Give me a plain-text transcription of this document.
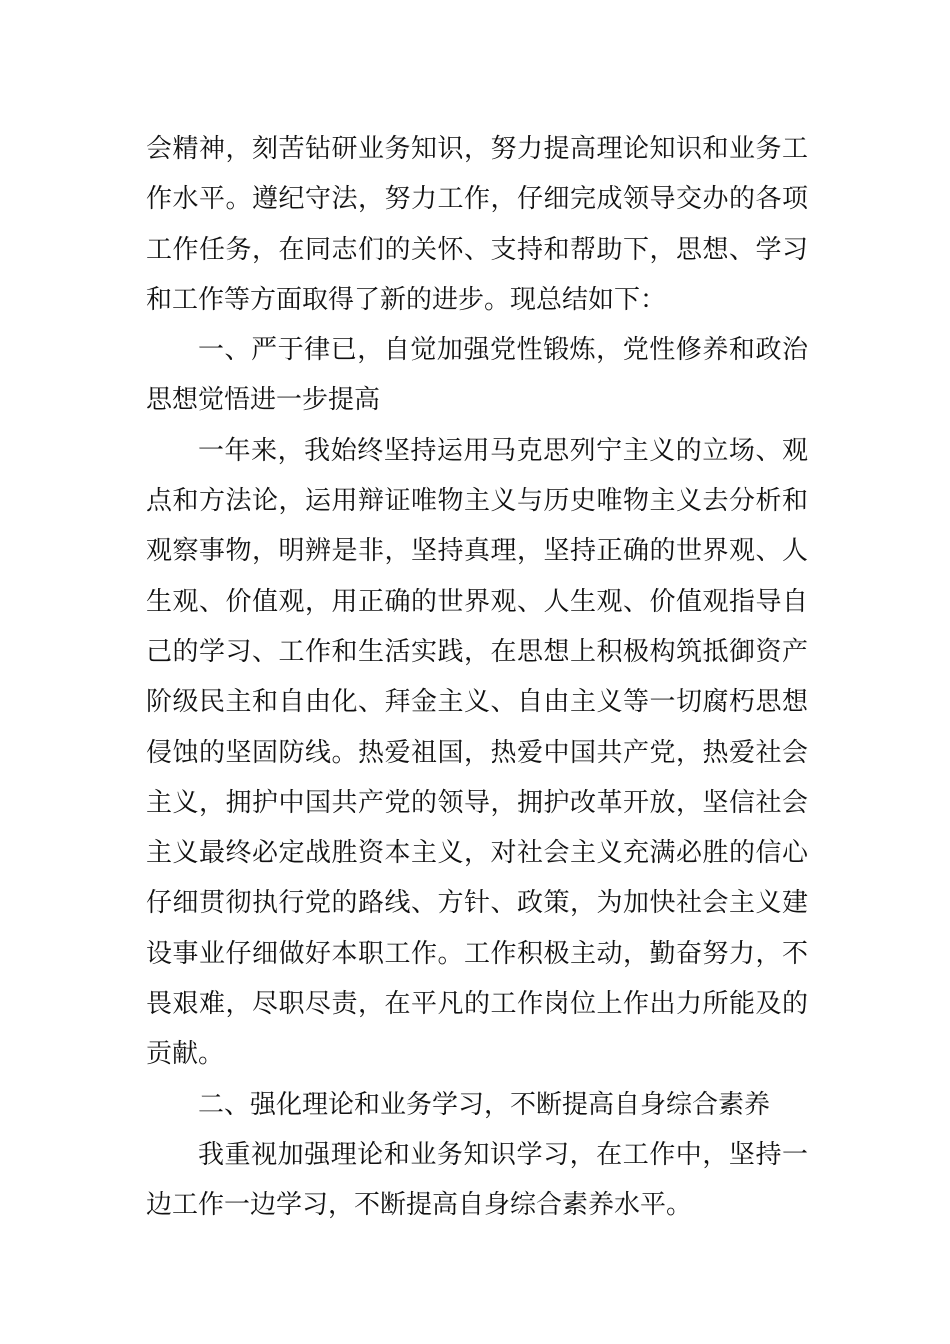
会精神，刻苦钻研业务知识，努力提高理论知识和业务工
作水平。遵纪守法，努力工作，仔细完成领导交办的各项
工作任务，在同志们的关怀、支持和帮助下，思想、学习
和工作等方面取得了新的进步。现总结如下：
一、严于律已，自觉加强党性锻炼，党性修养和政治
思想觉悟进一步提高
一年来，我始终坚持运用马克思列宁主义的立场、观
点和方法论，运用辩证唯物主义与历史唯物主义去分析和
观察事物，明辨是非，坚持真理，坚持正确的世界观、人
生观、价值观，用正确的世界观、人生观、价值观指导自
己的学习、工作和生活实践，在思想上积极构筑抵御资产
阶级民主和自由化、拜金主义、自由主义等一切腐朽思想
侵蚀的坚固防线。热爱祖国，热爱中国共产党，热爱社会
主义，拥护中国共产党的领导，拥护改革开放，坚信社会
主义最终必定战胜资本主义，对社会主义充满必胜的信心
仔细贯彻执行党的路线、方针、政策，为加快社会主义建
设事业仔细做好本职工作。工作积极主动，勤奋努力，不
畏艰难，尽职尽责，在平凡的工作岗位上作出力所能及的
贡献。
二、强化理论和业务学习，不断提高自身综合素养
我重视加强理论和业务知识学习，在工作中，坚持一
边工作一边学习，不断提高自身综合素养水平。
